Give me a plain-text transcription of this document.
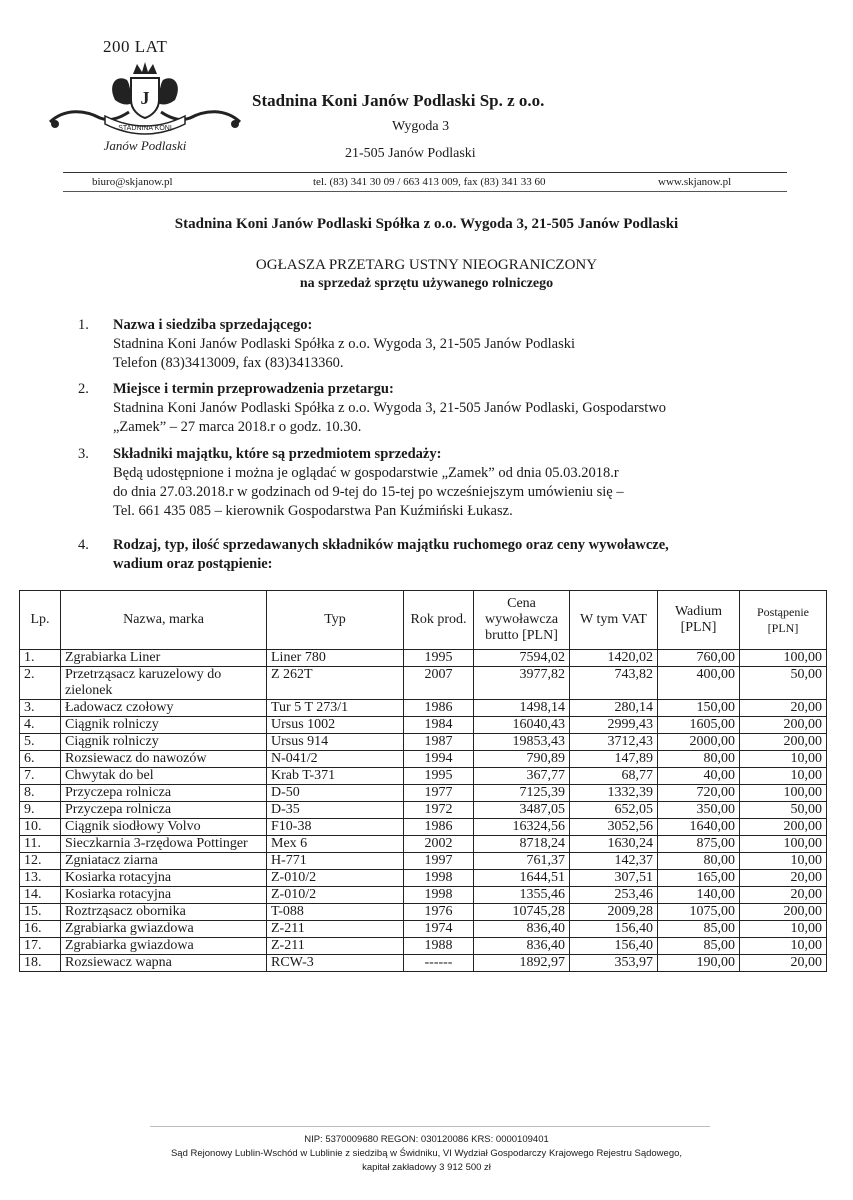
200 LAT
J
STADNINA KONI
Janów Podlaski
Stadnina Koni Janów Podlaski Sp. z o.o.
Wygoda 3
21-505 Janów Podlaski
biuro@skjanow.pl	tel. (83) 341 30 09 / 663 413 009, fax (83) 341 33 60	www.skjanow.pl
Stadnina Koni Janów Podlaski Spółka z o.o. Wygoda 3, 21-505 Janów Podlaski
OGŁASZA PRZETARG USTNY NIEOGRANICZONY
na sprzedaż sprzętu używanego rolniczego
1.	Nazwa i siedziba sprzedającego:
Stadnina Koni Janów Podlaski Spółka z o.o. Wygoda 3, 21-505 Janów Podlaski
Telefon (83)3413009, fax (83)3413360.
2.	Miejsce i termin przeprowadzenia przetargu:
Stadnina Koni Janów Podlaski Spółka z o.o. Wygoda 3, 21-505 Janów Podlaski, Gospodarstwo
„Zamek” – 27 marca 2018.r o godz. 10.30.
3.	Składniki majątku, które są przedmiotem sprzedaży:
Będą udostępnione i można je oglądać w gospodarstwie „Zamek” od dnia 05.03.2018.r
do dnia 27.03.2018.r w godzinach od 9-tej do 15-tej po wcześniejszym umówieniu się –
Tel. 661 435 085 – kierownik Gospodarstwa Pan Kuźmiński Łukasz.
4.	Rodzaj, typ, ilość sprzedawanych składników majątku ruchomego oraz ceny wywoławcze,
wadium oraz postąpienie:
Lp.	Nazwa, marka	Typ	Rok prod.	Cena wywoławcza brutto [PLN]	W tym VAT	Wadium [PLN]	Postąpenie [PLN]
1.	Zgrabiarka Liner	Liner 780	1995	7594,02	1420,02	760,00	100,00
2.	Przetrząsacz karuzelowy do zielonek	Z 262T	2007	3977,82	743,82	400,00	50,00
3.	Ładowacz czołowy	Tur 5 T 273/1	1986	1498,14	280,14	150,00	20,00
4.	Ciągnik rolniczy	Ursus 1002	1984	16040,43	2999,43	1605,00	200,00
5.	Ciągnik rolniczy	Ursus 914	1987	19853,43	3712,43	2000,00	200,00
6.	Rozsiewacz do nawozów	N-041/2	1994	790,89	147,89	80,00	10,00
7.	Chwytak do bel	Krab T-371	1995	367,77	68,77	40,00	10,00
8.	Przyczepa rolnicza	D-50	1977	7125,39	1332,39	720,00	100,00
9.	Przyczepa rolnicza	D-35	1972	3487,05	652,05	350,00	50,00
10.	Ciągnik siodłowy Volvo	F10-38	1986	16324,56	3052,56	1640,00	200,00
11.	Sieczkarnia 3-rzędowa Pottinger	Mex 6	2002	8718,24	1630,24	875,00	100,00
12.	Zgniatacz ziarna	H-771	1997	761,37	142,37	80,00	10,00
13.	Kosiarka rotacyjna	Z-010/2	1998	1644,51	307,51	165,00	20,00
14.	Kosiarka rotacyjna	Z-010/2	1998	1355,46	253,46	140,00	20,00
15.	Roztrząsacz obornika	T-088	1976	10745,28	2009,28	1075,00	200,00
16.	Zgrabiarka gwiazdowa	Z-211	1974	836,40	156,40	85,00	10,00
17.	Zgrabiarka gwiazdowa	Z-211	1988	836,40	156,40	85,00	10,00
18.	Rozsiewacz wapna	RCW-3	------	1892,97	353,97	190,00	20,00
NIP: 5370009680 REGON: 030120086 KRS: 0000109401
Sąd Rejonowy Lublin-Wschód w Lublinie z siedzibą w Świdniku, VI Wydział Gospodarczy Krajowego Rejestru Sądowego,
kapitał zakładowy 3 912 500 zł
